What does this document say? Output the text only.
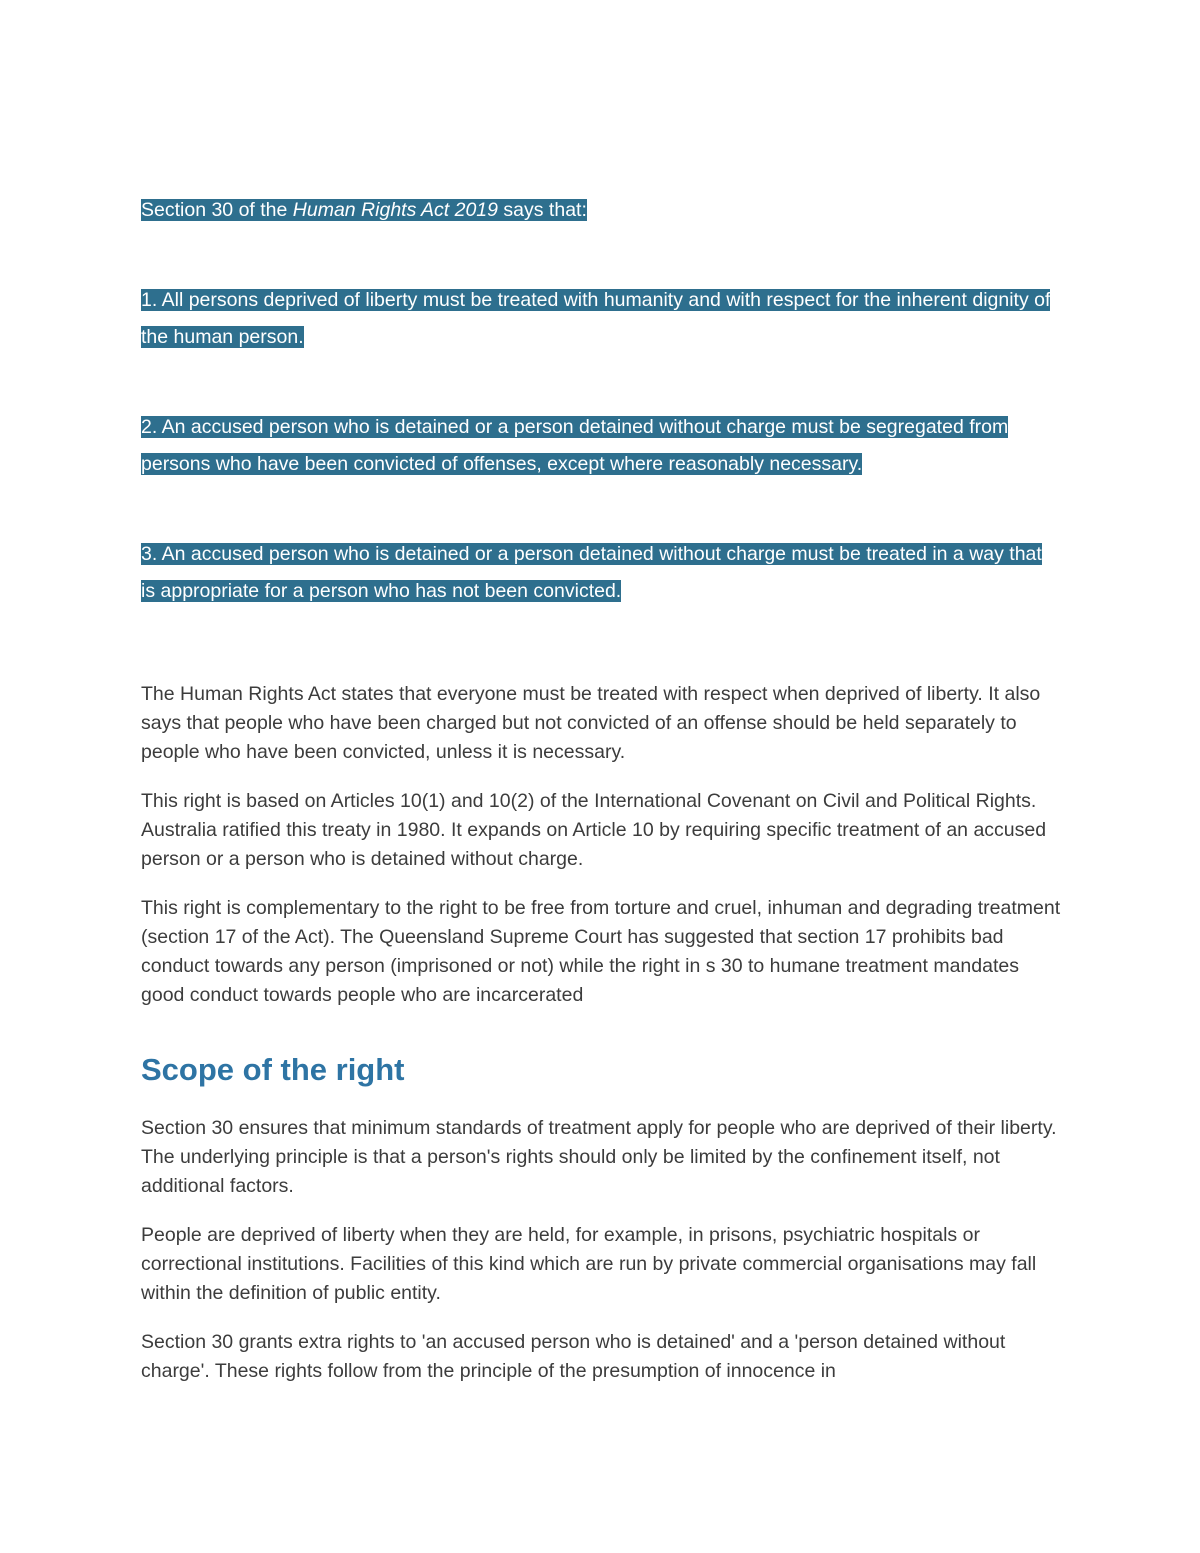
Section 30 of the Human Rights Act 2019 says that:

1. All persons deprived of liberty must be treated with humanity and with respect for the inherent dignity of the human person.

2. An accused person who is detained or a person detained without charge must be segregated from persons who have been convicted of offenses, except where reasonably necessary.

3. An accused person who is detained or a person detained without charge must be treated in a way that is appropriate for a person who has not been convicted.

The Human Rights Act states that everyone must be treated with respect when deprived of liberty. It also says that people who have been charged but not convicted of an offense should be held separately to people who have been convicted, unless it is necessary.

This right is based on Articles 10(1) and 10(2) of the International Covenant on Civil and Political Rights. Australia ratified this treaty in 1980. It expands on Article 10 by requiring specific treatment of an accused person or a person who is detained without charge.

This right is complementary to the right to be free from torture and cruel, inhuman and degrading treatment (section 17 of the Act). The Queensland Supreme Court has suggested that section 17 prohibits bad conduct towards any person (imprisoned or not) while the right in s 30 to humane treatment mandates good conduct towards people who are incarcerated

Scope of the right

Section 30 ensures that minimum standards of treatment apply for people who are deprived of their liberty. The underlying principle is that a person's rights should only be limited by the confinement itself, not additional factors.

People are deprived of liberty when they are held, for example, in prisons, psychiatric hospitals or correctional institutions. Facilities of this kind which are run by private commercial organisations may fall within the definition of public entity.

Section 30 grants extra rights to 'an accused person who is detained' and a 'person detained without charge'. These rights follow from the principle of the presumption of innocence in
